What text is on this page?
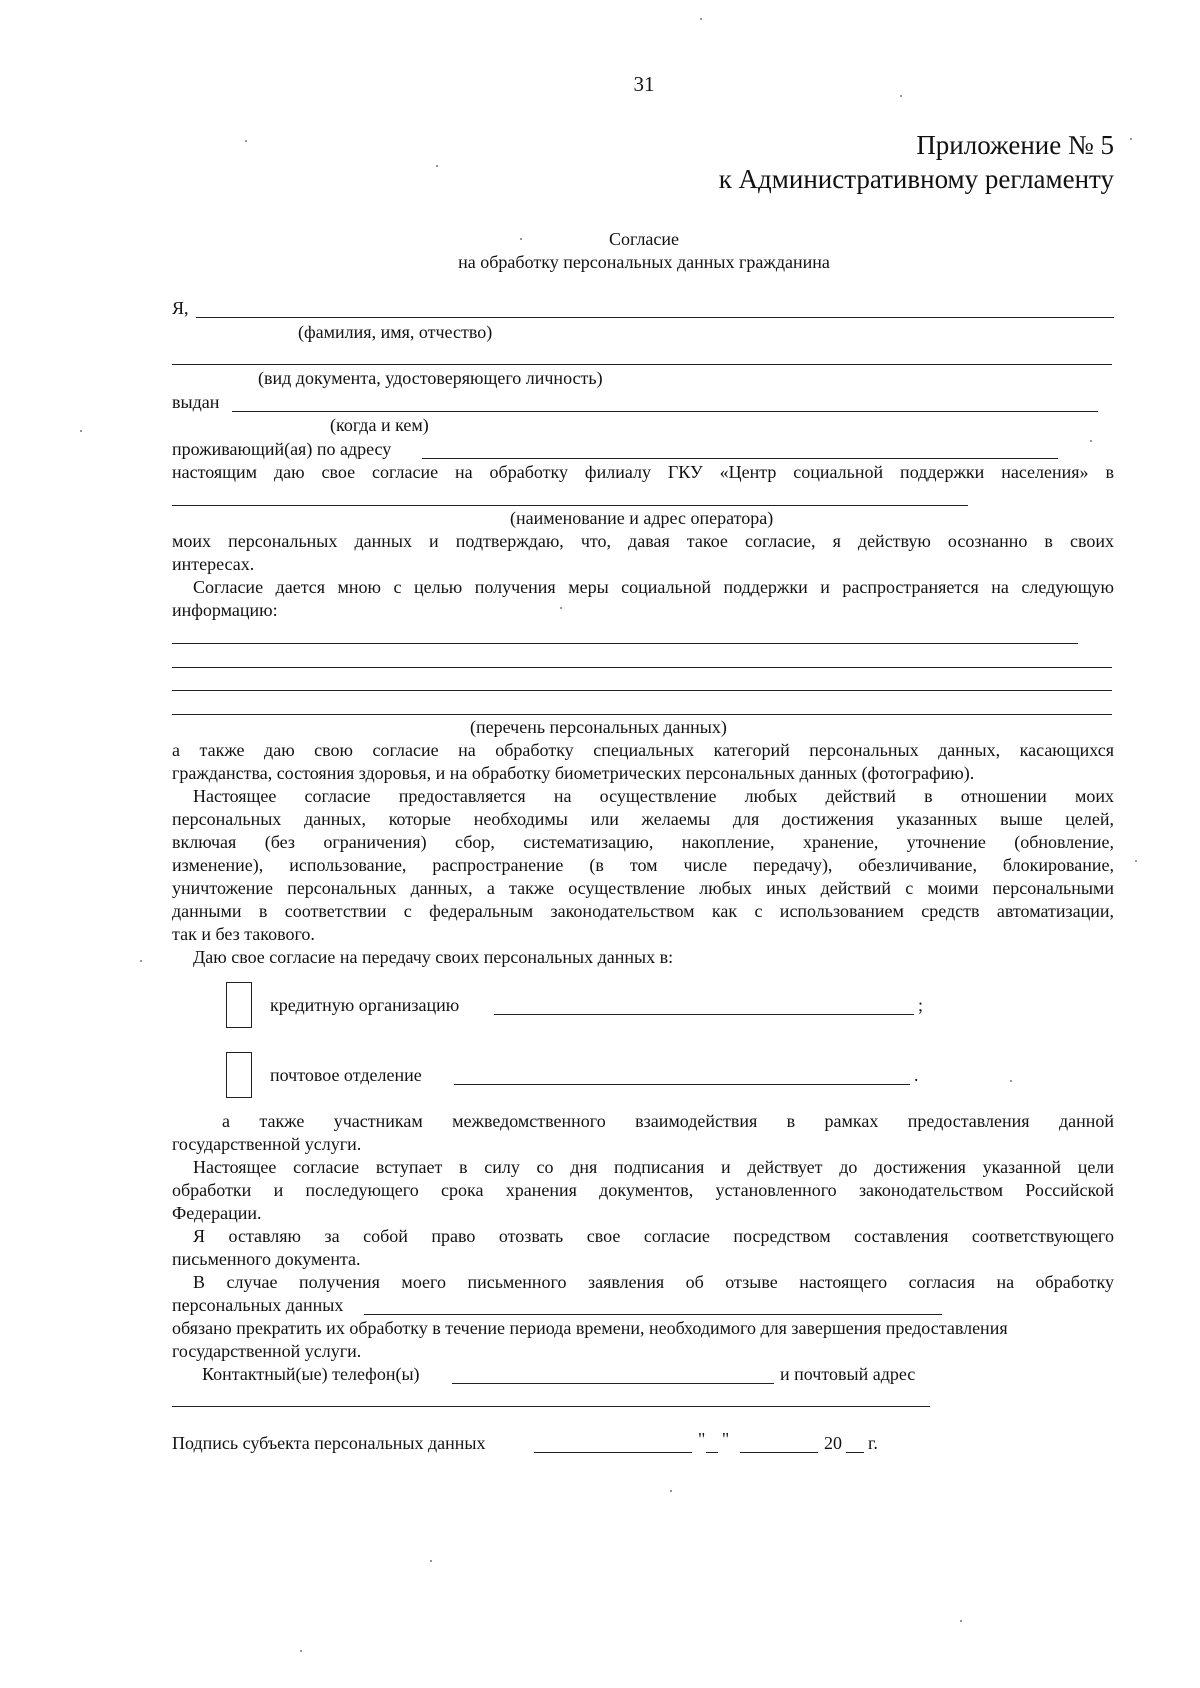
31
Приложение № 5
к Административному регламенту
Согласие
на обработку персональных данных гражданина
Я,
(фамилия, имя, отчество)
(вид документа, удостоверяющего личность)
выдан
(когда и кем)
проживающий(ая) по адресу
настоящим даю свое согласие на обработку филиалу ГКУ «Центр социальной поддержки населения» в
(наименование и адрес оператора)
моих персональных данных и подтверждаю, что, давая такое согласие, я действую осознанно в своих
интересах.
Согласие дается мною с целью получения меры социальной поддержки и распространяется на следующую
информацию:
(перечень персональных данных)
а также даю свою согласие на обработку специальных категорий персональных данных, касающихся
гражданства, состояния здоровья, и на обработку биометрических персональных данных (фотографию).
Настоящее согласие предоставляется на осуществление любых действий в отношении моих
персональных данных, которые необходимы или желаемы для достижения указанных выше целей,
включая (без ограничения) сбор, систематизацию, накопление, хранение, уточнение (обновление,
изменение), использование, распространение (в том числе передачу), обезличивание, блокирование,
уничтожение персональных данных, а также осуществление любых иных действий с моими персональными
данными в соответствии с федеральным законодательством как с использованием средств автоматизации,
так и без такового.
Даю свое согласие на передачу своих персональных данных в:
кредитную организацию	;
почтовое отделение	.
а также участникам межведомственного взаимодействия в рамках предоставления данной
государственной услуги.
Настоящее согласие вступает в силу со дня подписания и действует до достижения указанной цели
обработки и последующего срока хранения документов, установленного законодательством Российской
Федерации.
Я оставляю за собой право отозвать свое согласие посредством составления соответствующего
письменного документа.
В случае получения моего письменного заявления об отзыве настоящего согласия на обработку
персональных данных
обязано прекратить их обработку в течение периода времени, необходимого для завершения предоставления
государственной услуги.
Контактный(ые) телефон(ы)	и почтовый адрес
Подпись субъекта персональных данных	" "	20 г.
